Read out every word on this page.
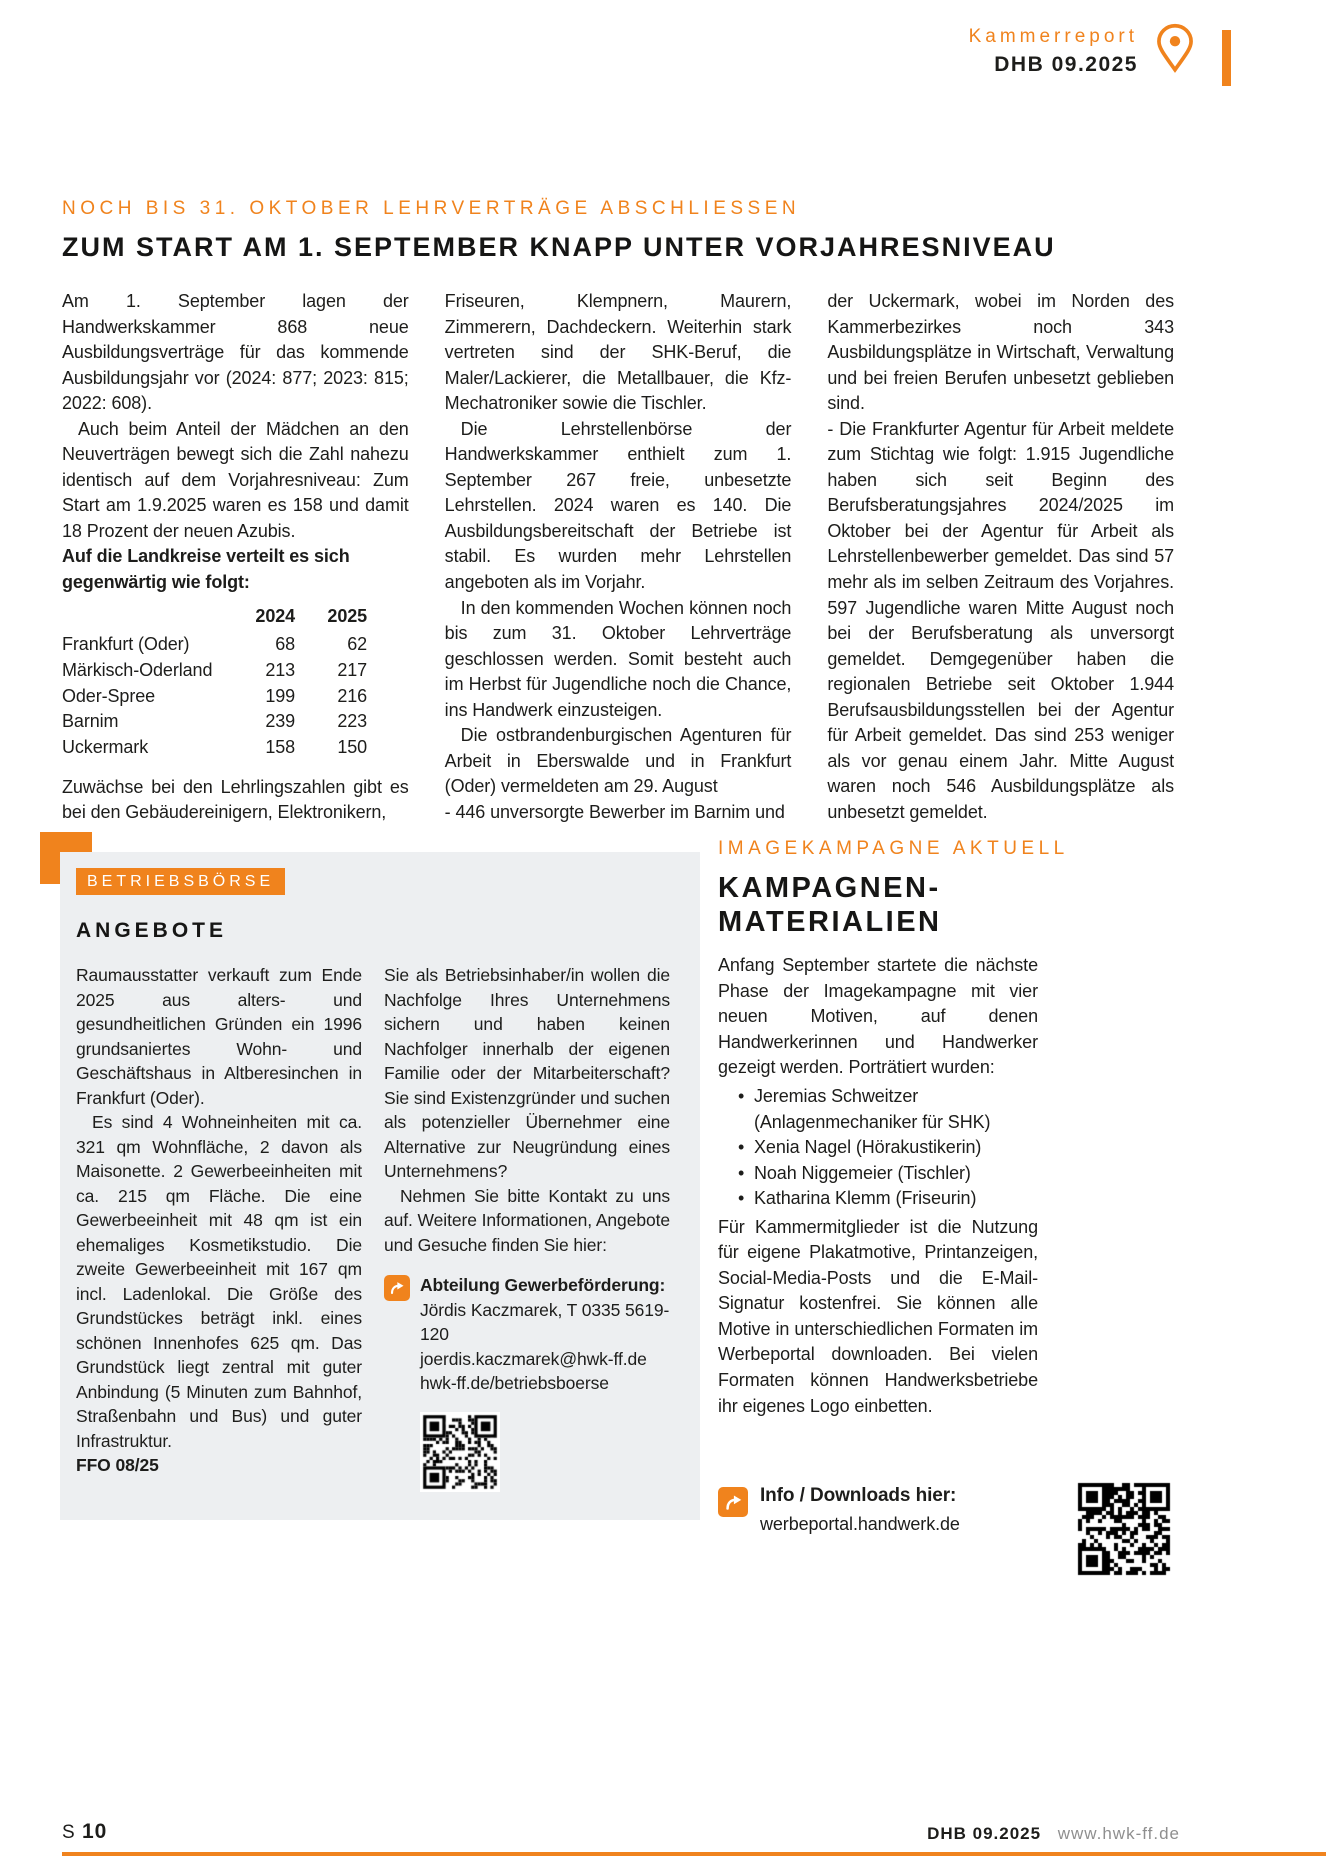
Kammerreport
DHB 09.2025
NOCH BIS 31. OKTOBER LEHRVERTRÄGE ABSCHLIESSEN
ZUM START AM 1. SEPTEMBER KNAPP UNTER VORJAHRESNIVEAU

Am 1. September lagen der Handwerkskammer 868 neue Ausbildungsverträge für das kommende Ausbildungsjahr vor (2024: 877; 2023: 815; 2022: 608).

Auch beim Anteil der Mädchen an den Neuverträgen bewegt sich die Zahl nahezu identisch auf dem Vorjahresniveau: Zum Start am 1.9.2025 waren es 158 und damit 18 Prozent der neuen Azubis.

Auf die Landkreise verteilt es sich gegenwärtig wie folgt:

	2024	2025
Frankfurt (Oder)	68	62
Märkisch-Oderland	213	217
Oder-Spree	199	216
Barnim	239	223
Uckermark	158	150

Zuwächse bei den Lehrlingszahlen gibt es bei den Gebäudereinigern, Elektronikern,

Friseuren, Klempnern, Maurern, Zimmerern, Dachdeckern. Weiterhin stark vertreten sind der SHK-Beruf, die Maler/Lackierer, die Metallbauer, die Kfz-Mechatroniker sowie die Tischler.

Die Lehrstellenbörse der Handwerkskammer enthielt zum 1. September 267 freie, unbesetzte Lehrstellen. 2024 waren es 140. Die Ausbildungsbereitschaft der Betriebe ist stabil. Es wurden mehr Lehrstellen angeboten als im Vorjahr.

In den kommenden Wochen können noch bis zum 31. Oktober Lehrverträge geschlossen werden. Somit besteht auch im Herbst für Jugendliche noch die Chance, ins Handwerk einzusteigen.

Die ostbrandenburgischen Agenturen für Arbeit in Eberswalde und in Frankfurt (Oder) vermeldeten am 29. August

- 446 unversorgte Bewerber im Barnim und

der Uckermark, wobei im Norden des Kammerbezirkes noch 343 Ausbildungsplätze in Wirtschaft, Verwaltung und bei freien Berufen unbesetzt geblieben sind.

- Die Frankfurter Agentur für Arbeit meldete zum Stichtag wie folgt: 1.915 Jugendliche haben sich seit Beginn des Berufsberatungsjahres 2024/2025 im Oktober bei der Agentur für Arbeit als Lehrstellenbewerber gemeldet. Das sind 57 mehr als im selben Zeitraum des Vorjahres. 597 Jugendliche waren Mitte August noch bei der Berufsberatung als unversorgt gemeldet. Demgegenüber haben die regionalen Betriebe seit Oktober 1.944 Berufsausbildungsstellen bei der Agentur für Arbeit gemeldet. Das sind 253 weniger als vor genau einem Jahr. Mitte August waren noch 546 Ausbildungsplätze als unbesetzt gemeldet.

BETRIEBSBÖRSE
ANGEBOTE

Raumausstatter verkauft zum Ende 2025 aus alters- und gesundheitlichen Gründen ein 1996 grundsaniertes Wohn- und Geschäftshaus in Altberesinchen in Frankfurt (Oder).

Es sind 4 Wohneinheiten mit ca. 321 qm Wohnfläche, 2 davon als Maisonette. 2 Gewerbeeinheiten mit ca. 215 qm Fläche. Die eine Gewerbeeinheit mit 48 qm ist ein ehemaliges Kosmetikstudio. Die zweite Gewerbeeinheit mit 167 qm incl. Ladenlokal. Die Größe des Grundstückes beträgt inkl. eines schönen Innenhofes 625 qm. Das Grundstück liegt zentral mit guter Anbindung (5 Minuten zum Bahnhof, Straßenbahn und Bus) und guter Infrastruktur.

FFO 08/25

Sie als Betriebsinhaber/in wollen die Nachfolge Ihres Unternehmens sichern und haben keinen Nachfolger innerhalb der eigenen Familie oder der Mitarbeiterschaft? Sie sind Existenzgründer und suchen als potenzieller Übernehmer eine Alternative zur Neugründung eines Unternehmens?

Nehmen Sie bitte Kontakt zu uns auf. Weitere Informationen, Angebote und Gesuche finden Sie hier:

Abteilung Gewerbeförderung:
Jördis Kaczmarek, T 0335 5619-120
joerdis.kaczmarek@hwk-ff.de
hwk-ff.de/betriebsboerse
IMAGEKAMPAGNE AKTUELL
KAMPAGNEN-
MATERIALIEN

Anfang September startete die nächste Phase der Imagekampagne mit vier neuen Motiven, auf denen Handwerkerinnen und Handwerker gezeigt werden. Porträtiert wurden:

• Jeremias Schweitzer (Anlagenmechaniker für SHK)
• Xenia Nagel (Hörakustikerin)
• Noah Niggemeier (Tischler)
• Katharina Klemm (Friseurin)

Für Kammermitglieder ist die Nutzung für eigene Plakatmotive, Printanzeigen, Social-Media-Posts und die E-Mail-Signatur kostenfrei. Sie können alle Motive in unterschiedlichen Formaten im Werbeportal downloaden. Bei vielen Formaten können Handwerksbetriebe ihr eigenes Logo einbetten.

Info / Downloads hier:
werbeportal.handwerk.de
S 10	DHB 09.2025 www.hwk-ff.de
